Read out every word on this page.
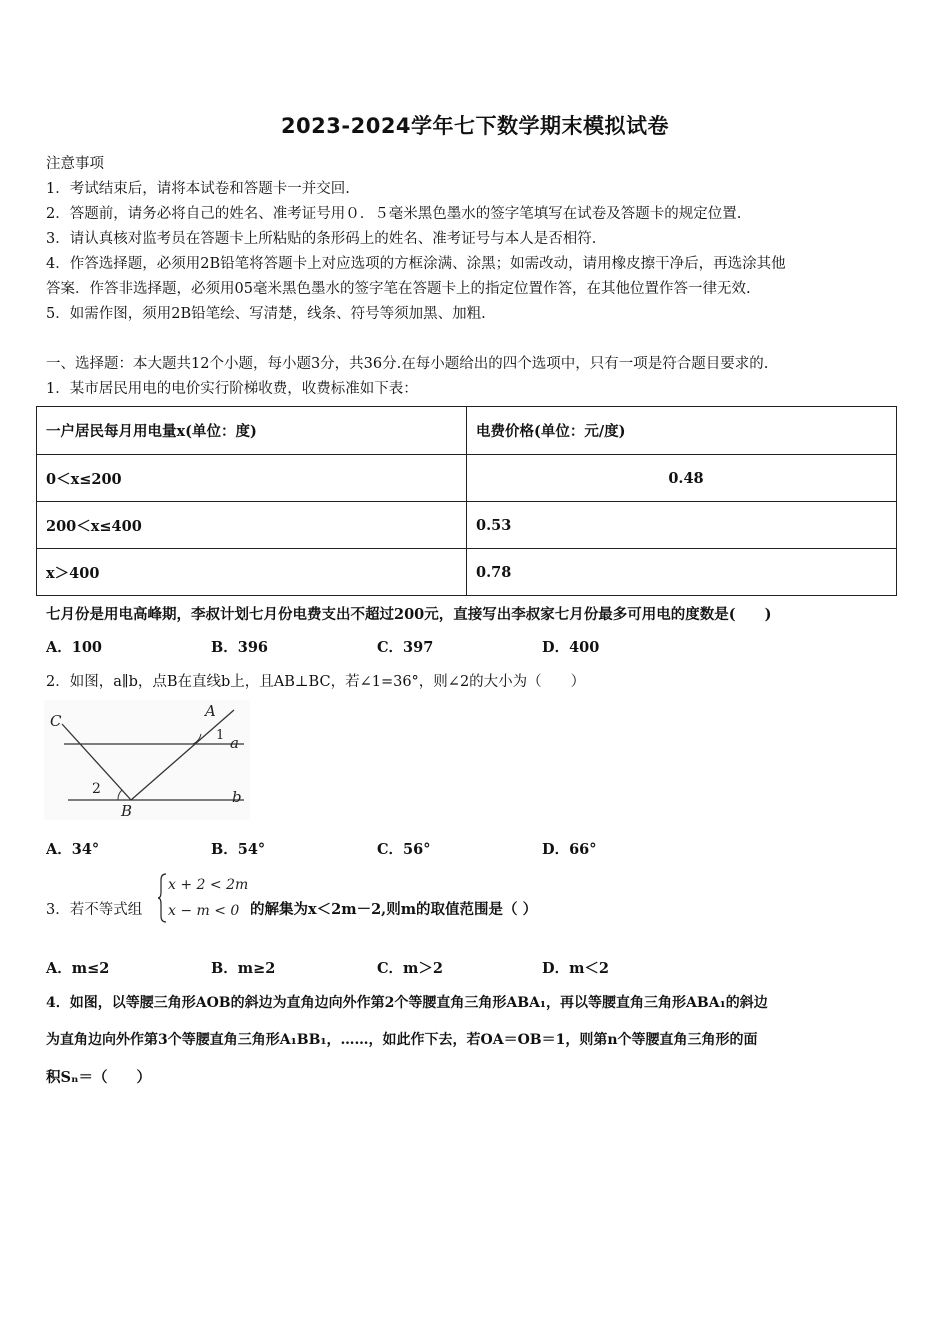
2023-2024学年七下数学期末模拟试卷
注意事项
1．考试结束后，请将本试卷和答题卡一并交回.
2．答题前，请务必将自己的姓名、准考证号用０．５毫米黑色墨水的签字笔填写在试卷及答题卡的规定位置.
3．请认真核对监考员在答题卡上所粘贴的条形码上的姓名、准考证号与本人是否相符.
4．作答选择题，必须用2B铅笔将答题卡上对应选项的方框涂满、涂黑；如需改动，请用橡皮擦干净后，再选涂其他
答案．作答非选择题，必须用05毫米黑色墨水的签字笔在答题卡上的指定位置作答，在其他位置作答一律无效.
5．如需作图，须用2B铅笔绘、写清楚，线条、符号等须加黑、加粗.
一、选择题：本大题共12个小题，每小题3分，共36分.在每小题给出的四个选项中，只有一项是符合题目要求的.
1．某市居民用电的电价实行阶梯收费，收费标准如下表：
一户居民每月用电量x(单位：度)	电费价格(单位：元/度)
0＜x≤200	0.48
200＜x≤400	0.53
x＞400	0.78
七月份是用电高峰期，李叔计划七月份电费支出不超过200元，直接写出李叔家七月份最多可用电的度数是(　　)
A．100	B．396	C．397	D．400
2．如图，a∥b，点B在直线b上，且AB⊥BC，若∠1=36°，则∠2的大小为（　　）
C
A
1 a
2
B
b
A．34°	B．54°	C．56°	D．66°
3．若不等式组
x + 2 < 2m
x − m < 0 的解集为x＜2m－2,则m的取值范围是（ ）
A．m≤2	B．m≥2	C．m＞2	D．m＜2
4．如图，以等腰三角形AOB的斜边为直角边向外作第2个等腰直角三角形ABA₁，再以等腰直角三角形ABA₁的斜边
为直角边向外作第3个等腰直角三角形A₁BB₁，……，如此作下去，若OA＝OB＝1，则第n个等腰直角三角形的面
积Sₙ＝（　　）
